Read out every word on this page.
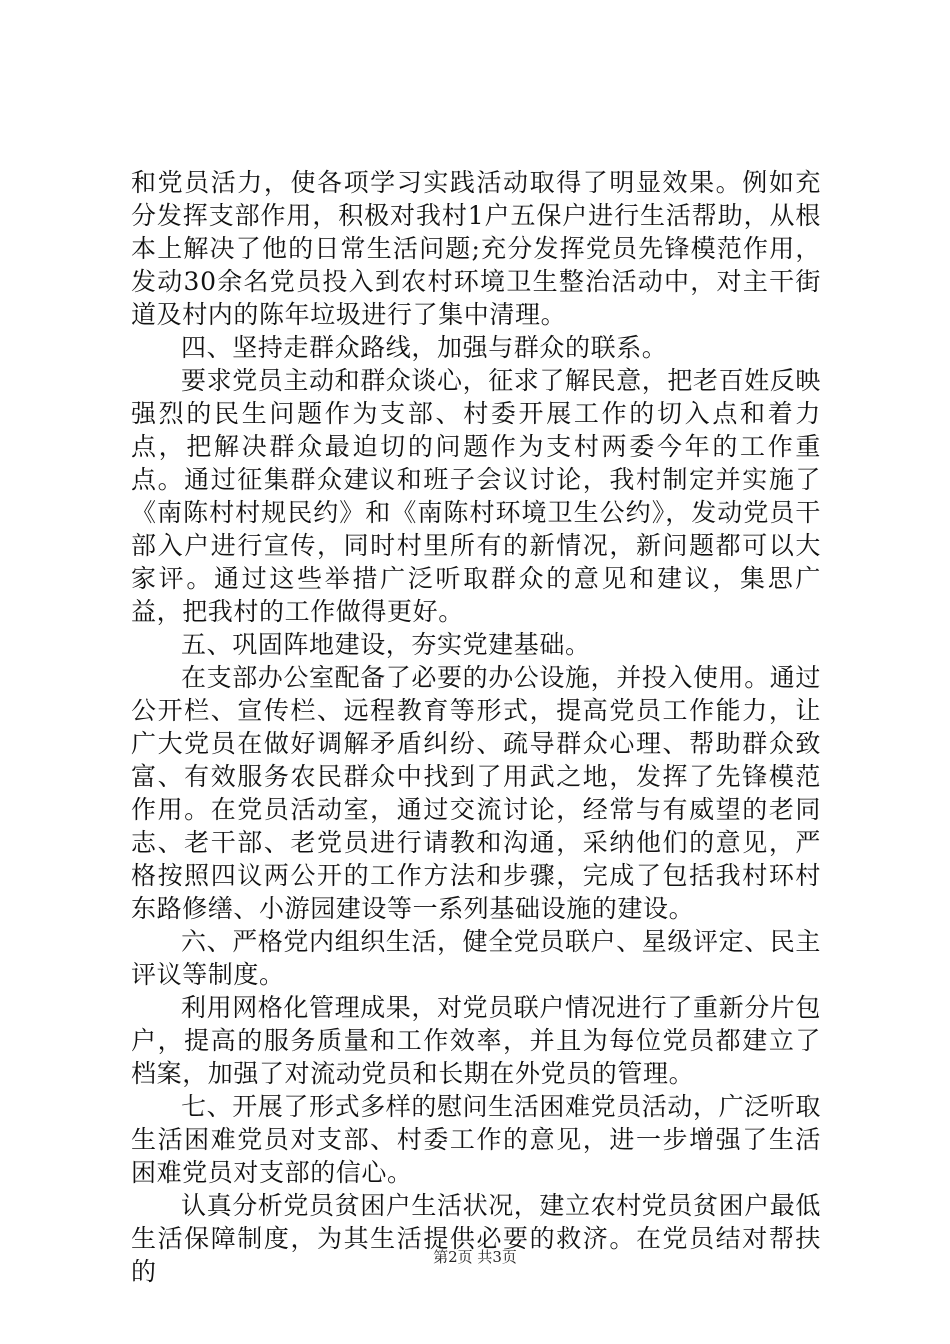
和党员活力，使各项学习实践活动取得了明显效果。例如充分发挥支部作用，积极对我村1户五保户进行生活帮助，从根本上解决了他的日常生活问题;充分发挥党员先锋模范作用，发动30余名党员投入到农村环境卫生整治活动中，对主干街道及村内的陈年垃圾进行了集中清理。

四、坚持走群众路线，加强与群众的联系。

要求党员主动和群众谈心，征求了解民意，把老百姓反映强烈的民生问题作为支部、村委开展工作的切入点和着力点，把解决群众最迫切的问题作为支村两委今年的工作重点。通过征集群众建议和班子会议讨论，我村制定并实施了《南陈村村规民约》和《南陈村环境卫生公约》，发动党员干部入户进行宣传，同时村里所有的新情况，新问题都可以大家评。通过这些举措广泛听取群众的意见和建议，集思广益，把我村的工作做得更好。

五、巩固阵地建设，夯实党建基础。

在支部办公室配备了必要的办公设施，并投入使用。通过公开栏、宣传栏、远程教育等形式，提高党员工作能力，让广大党员在做好调解矛盾纠纷、疏导群众心理、帮助群众致富、有效服务农民群众中找到了用武之地，发挥了先锋模范作用。在党员活动室，通过交流讨论，经常与有威望的老同志、老干部、老党员进行请教和沟通，采纳他们的意见，严格按照四议两公开的工作方法和步骤，完成了包括我村环村东路修缮、小游园建设等一系列基础设施的建设。

六、严格党内组织生活，健全党员联户、星级评定、民主评议等制度。

利用网格化管理成果，对党员联户情况进行了重新分片包户，提高的服务质量和工作效率，并且为每位党员都建立了档案，加强了对流动党员和长期在外党员的管理。

七、开展了形式多样的慰问生活困难党员活动，广泛听取生活困难党员对支部、村委工作的意见，进一步增强了生活困难党员对支部的信心。

认真分析党员贫困户生活状况，建立农村党员贫困户最低生活保障制度，为其生活提供必要的救济。在党员结对帮扶的	第2页 共3页
